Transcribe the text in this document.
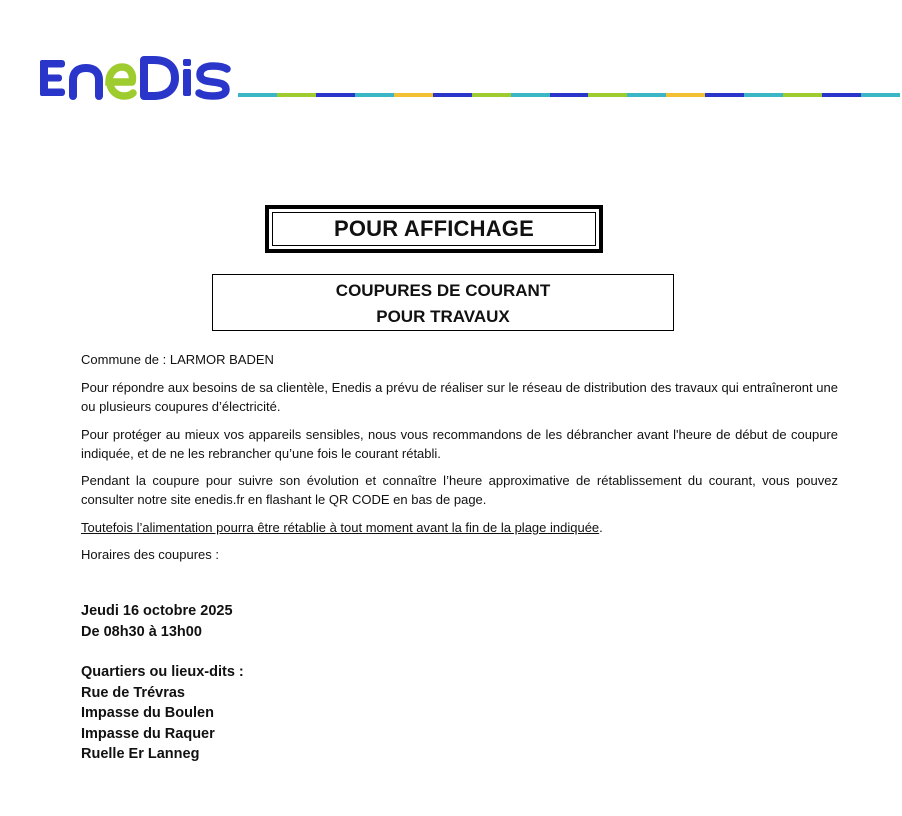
POUR AFFICHAGE
COUPURES DE COURANT
POUR TRAVAUX
Commune de : LARMOR BADEN
Pour répondre aux besoins de sa clientèle, Enedis a prévu de réaliser sur le réseau de distribution des travaux qui entraîneront une ou plusieurs coupures d’électricité.
Pour protéger au mieux vos appareils sensibles, nous vous recommandons de les débrancher avant l'heure de début de coupure indiquée, et de ne les rebrancher qu’une fois le courant rétabli.
Pendant la coupure pour suivre son évolution et connaître l’heure approximative de rétablissement du courant, vous pouvez consulter notre site enedis.fr en flashant le QR CODE en bas de page.
Toutefois l’alimentation pourra être rétablie à tout moment avant la fin de la plage indiquée.
Horaires des coupures :
Jeudi 16 octobre 2025
De 08h30 à 13h00
Quartiers ou lieux-dits :
Rue de Trévras
Impasse du Boulen
Impasse du Raquer
Ruelle Er Lanneg
